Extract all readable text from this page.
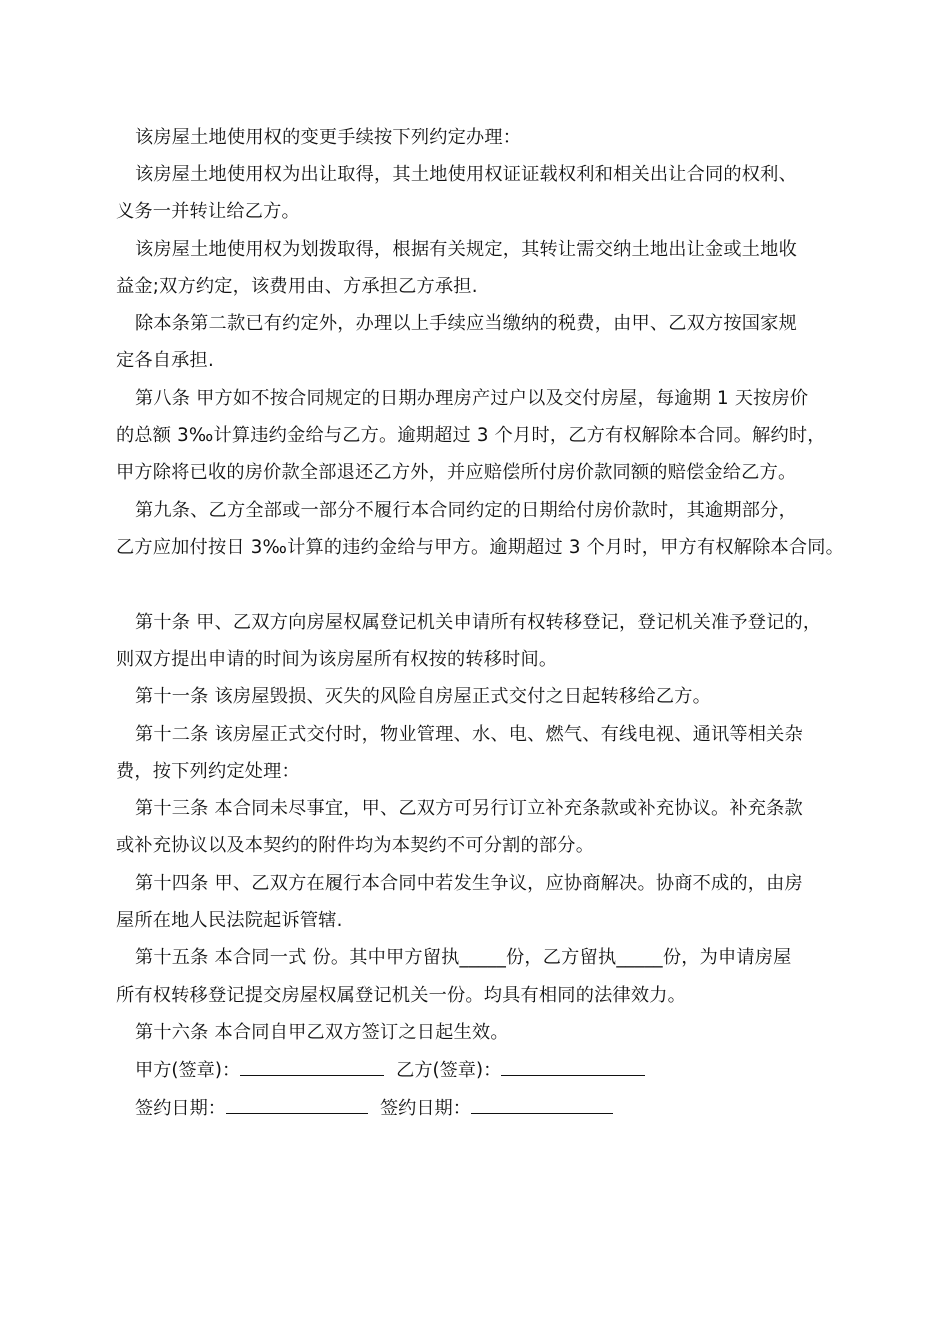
该房屋土地使用权的变更手续按下列约定办理：
该房屋土地使用权为出让取得，其土地使用权证证载权利和相关出让合同的权利、
义务一并转让给乙方。
该房屋土地使用权为划拨取得，根据有关规定，其转让需交纳土地出让金或土地收
益金;双方约定，该费用由、方承担乙方承担.
除本条第二款已有约定外，办理以上手续应当缴纳的税费，由甲、乙双方按国家规
定各自承担.
第八条 甲方如不按合同规定的日期办理房产过户以及交付房屋，每逾期 1 天按房价
的总额 3‰计算违约金给与乙方。逾期超过 3 个月时，乙方有权解除本合同。解约时，
甲方除将已收的房价款全部退还乙方外，并应赔偿所付房价款同额的赔偿金给乙方。
第九条、乙方全部或一部分不履行本合同约定的日期给付房价款时，其逾期部分，
乙方应加付按日 3‰计算的违约金给与甲方。逾期超过 3 个月时，甲方有权解除本合同。
第十条 甲、乙双方向房屋权属登记机关申请所有权转移登记，登记机关准予登记的，
则双方提出申请的时间为该房屋所有权按的转移时间。
第十一条 该房屋毁损、灭失的风险自房屋正式交付之日起转移给乙方。
第十二条 该房屋正式交付时，物业管理、水、电、燃气、有线电视、通讯等相关杂
费，按下列约定处理：
第十三条 本合同未尽事宜，甲、乙双方可另行订立补充条款或补充协议。补充条款
或补充协议以及本契约的附件均为本契约不可分割的部分。
第十四条 甲、乙双方在履行本合同中若发生争议，应协商解决。协商不成的，由房
屋所在地人民法院起诉管辖.
第十五条 本合同一式 份。其中甲方留执_____份，乙方留执_____份，为申请房屋
所有权转移登记提交房屋权属登记机关一份。均具有相同的法律效力。
第十六条 本合同自甲乙双方签订之日起生效。
甲方(签章)：	乙方(签章)：
签约日期：	签约日期：
